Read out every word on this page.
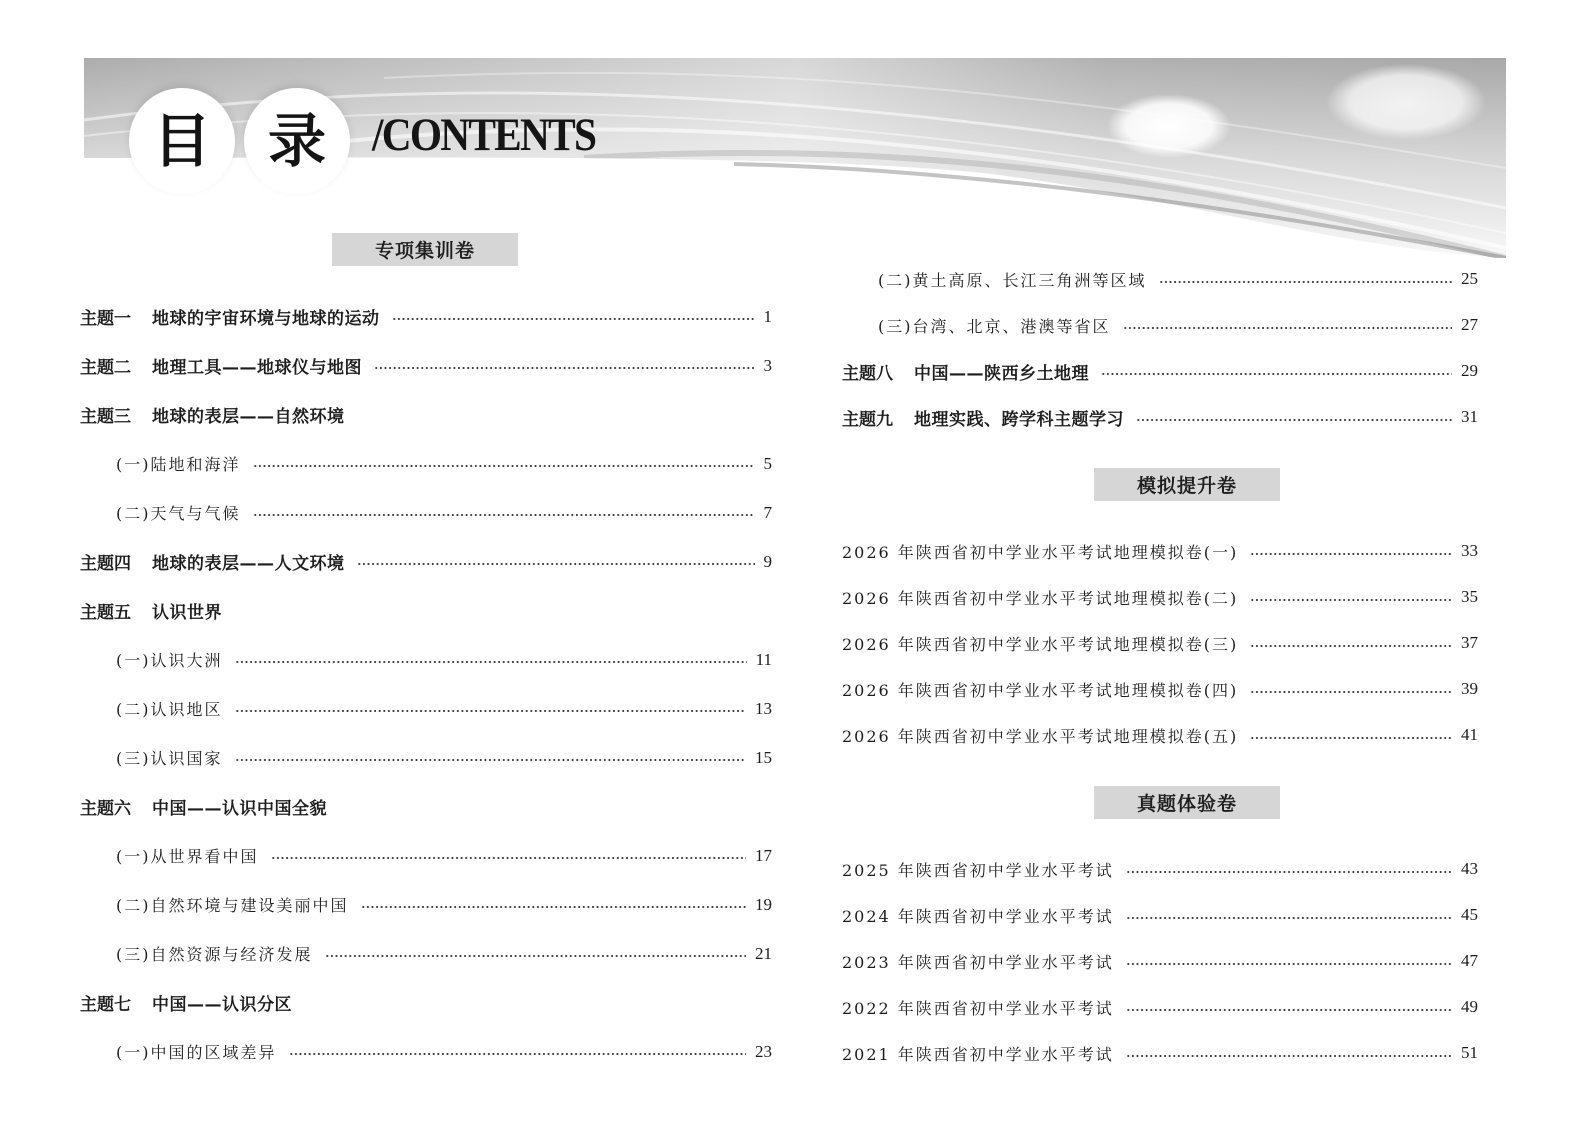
目 录 /CONTENTS
专项集训卷
主题一 地球的宇宙环境与地球的运动	1
主题二 地理工具——地球仪与地图	3
主题三 地球的表层——自然环境
(一)陆地和海洋	5
(二)天气与气候	7
主题四 地球的表层——人文环境	9
主题五 认识世界
(一)认识大洲	11
(二)认识地区	13
(三)认识国家	15
主题六 中国——认识中国全貌
(一)从世界看中国	17
(二)自然环境与建设美丽中国	19
(三)自然资源与经济发展	21
主题七 中国——认识分区
(一)中国的区域差异	23
(二)黄土高原、长江三角洲等区域	25
(三)台湾、北京、港澳等省区	27
主题八 中国——陕西乡土地理	29
主题九 地理实践、跨学科主题学习	31
模拟提升卷
2026 年陕西省初中学业水平考试地理模拟卷(一)	33
2026 年陕西省初中学业水平考试地理模拟卷(二)	35
2026 年陕西省初中学业水平考试地理模拟卷(三)	37
2026 年陕西省初中学业水平考试地理模拟卷(四)	39
2026 年陕西省初中学业水平考试地理模拟卷(五)	41
真题体验卷
2025 年陕西省初中学业水平考试	43
2024 年陕西省初中学业水平考试	45
2023 年陕西省初中学业水平考试	47
2022 年陕西省初中学业水平考试	49
2021 年陕西省初中学业水平考试	51
